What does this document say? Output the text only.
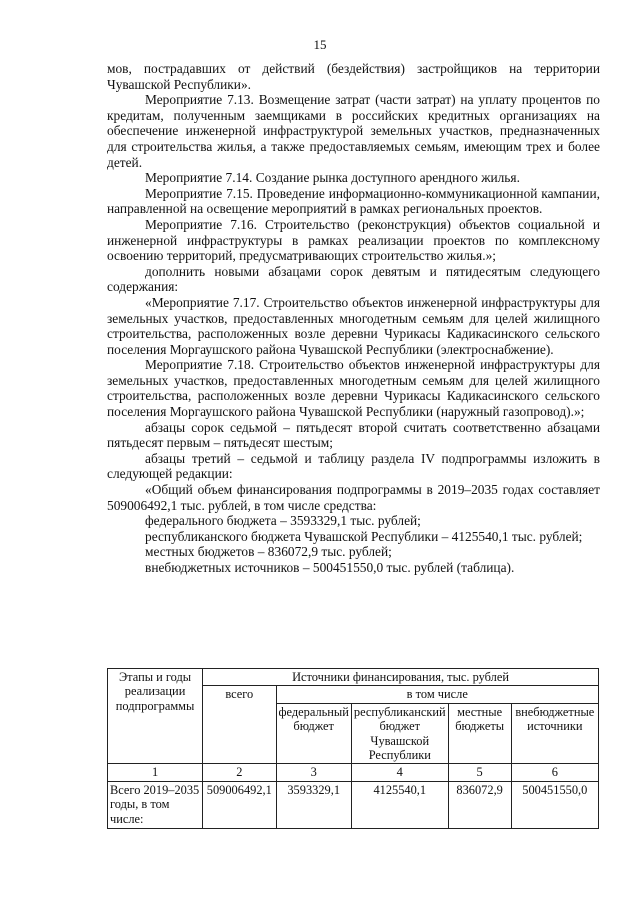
15

мов, пострадавших от действий (бездействия) застройщиков на территории Чувашской Республики».

Мероприятие 7.13. Возмещение затрат (части затрат) на уплату процентов по кредитам, полученным заемщиками в российских кредитных организациях на обеспечение инженерной инфраструктурой земельных участков, предназначенных для строительства жилья, а также предоставляемых семьям, имеющим трех и более детей.

Мероприятие 7.14. Создание рынка доступного арендного жилья.

Мероприятие 7.15. Проведение информационно-коммуникационной кампании, направленной на освещение мероприятий в рамках региональных проектов.

Мероприятие 7.16. Строительство (реконструкция) объектов социальной и инженерной инфраструктуры в рамках реализации проектов по комплексному освоению территорий, предусматривающих строительство жилья.»;

дополнить новыми абзацами сорок девятым и пятидесятым следующего содержания:

«Мероприятие 7.17. Строительство объектов инженерной инфраструктуры для земельных участков, предоставленных многодетным семьям для целей жилищного строительства, расположенных возле деревни Чурикасы Кадикасинского сельского поселения Моргаушского района Чувашской Республики (электроснабжение).

Мероприятие 7.18. Строительство объектов инженерной инфраструктуры для земельных участков, предоставленных многодетным семьям для целей жилищного строительства, расположенных возле деревни Чурикасы Кадикасинского сельского поселения Моргаушского района Чувашской Республики (наружный газопровод).»;

абзацы сорок седьмой – пятьдесят второй считать соответственно абзацами пятьдесят первым – пятьдесят шестым;

абзацы третий – седьмой и таблицу раздела IV подпрограммы изложить в следующей редакции:

«Общий объем финансирования подпрограммы в 2019–2035 годах составляет 509006492,1 тыс. рублей, в том числе средства:

федерального бюджета – 3593329,1 тыс. рублей;

республиканского бюджета Чувашской Республики – 4125540,1 тыс. рублей;

местных бюджетов – 836072,9 тыс. рублей;

внебюджетных источников – 500451550,0 тыс. рублей (таблица).

Этапы и годы реализации подпрограммы	Источники финансирования, тыс. рублей				
	всего	в том числе			
		федеральный бюджет	республиканский бюджет Чувашской Республики	местные бюджеты	внебюджетные источники
1	2	3	4	5	6
Всего 2019–2035 годы, в том числе:	509006492,1	3593329,1	4125540,1	836072,9	500451550,0
